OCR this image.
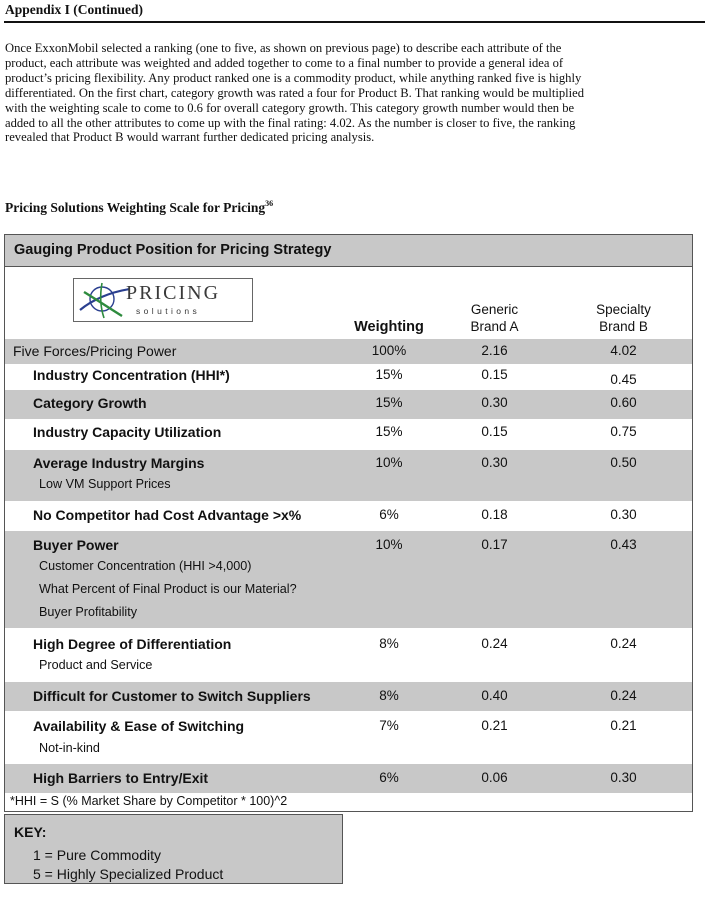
Appendix I (Continued)
Once ExxonMobil selected a ranking (one to five, as shown on previous page) to describe each attribute of the
product, each attribute was weighted and added together to come to a final number to provide a general idea of
product’s pricing flexibility. Any product ranked one is a commodity product, while anything ranked five is highly
differentiated. On the first chart, category growth was rated a four for Product B. That ranking would be multiplied
with the weighting scale to come to 0.6 for overall category growth. This category growth number would then be
added to all the other attributes to come up with the final rating: 4.02. As the number is closer to five, the ranking
revealed that Product B would warrant further dedicated pricing analysis.
Pricing Solutions Weighting Scale for Pricing$^{36}$
Gauging Product Position for Pricing Strategy
PRICING
solutions
Weighting
Generic
Brand A
Specialty
Brand B
Five Forces/Pricing Power	100%	2.16	4.02
Industry Concentration (HHI*)	15%	0.15	0.45
Category Growth	15%	0.30	0.60
Industry Capacity Utilization	15%	0.15	0.75
Average Industry Margins
Low VM Support Prices
10%	0.30	0.50
No Competitor had Cost Advantage >x%	6%	0.18	0.30
Buyer Power
Customer Concentration (HHI >4,000)
What Percent of Final Product is our Material?
Buyer Profitability
10%	0.17	0.43
High Degree of Differentiation
Product and Service
8%	0.24	0.24
Difficult for Customer to Switch Suppliers	8%	0.40	0.24
Availability & Ease of Switching
Not-in-kind
7%	0.21	0.21
High Barriers to Entry/Exit	6%	0.06	0.30
*HHI = S (% Market Share by Competitor * 100)^2
KEY:
1 = Pure Commodity
5 = Highly Specialized Product
